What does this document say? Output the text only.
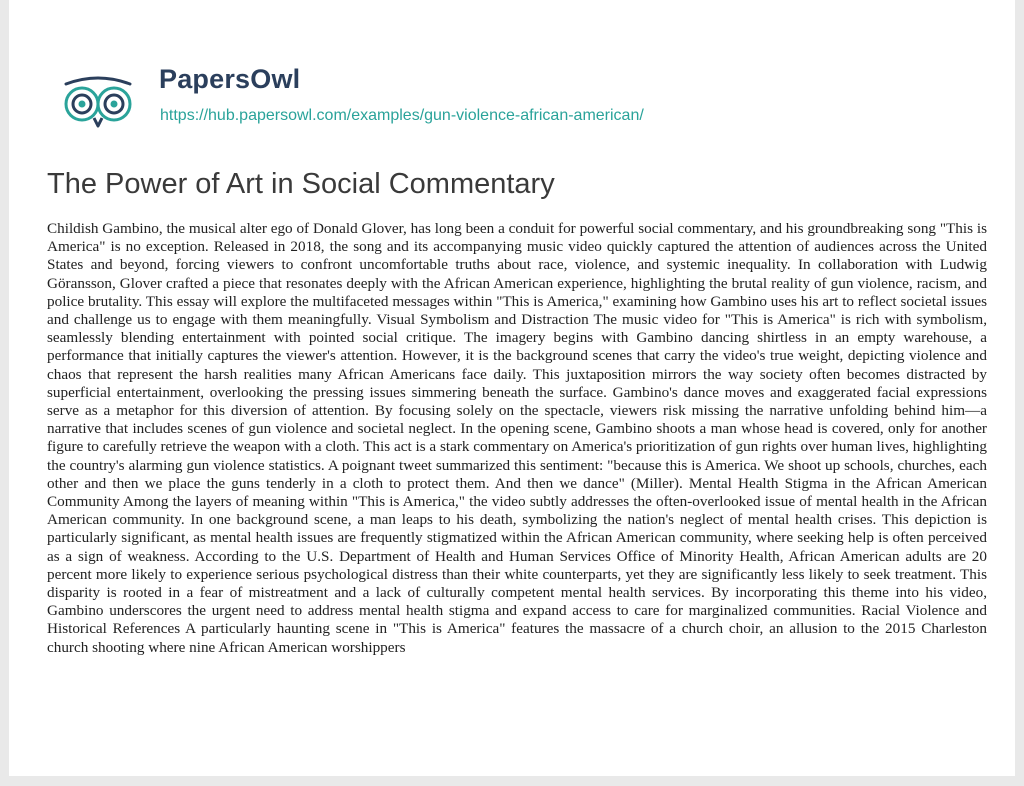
PapersOwl
https://hub.papersowl.com/examples/gun-violence-african-american/
The Power of Art in Social Commentary

Childish Gambino, the musical alter ego of Donald Glover, has long been a conduit for powerful social commentary, and his groundbreaking song "This is America" is no exception. Released in 2018, the song and its accompanying music video quickly captured the attention of audiences across the United States and beyond, forcing viewers to confront uncomfortable truths about race, violence, and systemic inequality. In collaboration with Ludwig Göransson, Glover crafted a piece that resonates deeply with the African American experience, highlighting the brutal reality of gun violence, racism, and police brutality. This essay will explore the multifaceted messages within "This is America," examining how Gambino uses his art to reflect societal issues and challenge us to engage with them meaningfully. Visual Symbolism and Distraction The music video for "This is America" is rich with symbolism, seamlessly blending entertainment with pointed social critique. The imagery begins with Gambino dancing shirtless in an empty warehouse, a performance that initially captures the viewer's attention. However, it is the background scenes that carry the video's true weight, depicting violence and chaos that represent the harsh realities many African Americans face daily. This juxtaposition mirrors the way society often becomes distracted by superficial entertainment, overlooking the pressing issues simmering beneath the surface. Gambino's dance moves and exaggerated facial expressions serve as a metaphor for this diversion of attention. By focusing solely on the spectacle, viewers risk missing the narrative unfolding behind him—a narrative that includes scenes of gun violence and societal neglect. In the opening scene, Gambino shoots a man whose head is covered, only for another figure to carefully retrieve the weapon with a cloth. This act is a stark commentary on America's prioritization of gun rights over human lives, highlighting the country's alarming gun violence statistics. A poignant tweet summarized this sentiment: "because this is America. We shoot up schools, churches, each other and then we place the guns tenderly in a cloth to protect them. And then we dance" (Miller). Mental Health Stigma in the African American Community Among the layers of meaning within "This is America," the video subtly addresses the often-overlooked issue of mental health in the African American community. In one background scene, a man leaps to his death, symbolizing the nation's neglect of mental health crises. This depiction is particularly significant, as mental health issues are frequently stigmatized within the African American community, where seeking help is often perceived as a sign of weakness. According to the U.S. Department of Health and Human Services Office of Minority Health, African American adults are 20 percent more likely to experience serious psychological distress than their white counterparts, yet they are significantly less likely to seek treatment. This disparity is rooted in a fear of mistreatment and a lack of culturally competent mental health services. By incorporating this theme into his video, Gambino underscores the urgent need to address mental health stigma and expand access to care for marginalized communities. Racial Violence and Historical References A particularly haunting scene in "This is America" features the massacre of a church choir, an allusion to the 2015 Charleston church shooting where nine African American worshippers
